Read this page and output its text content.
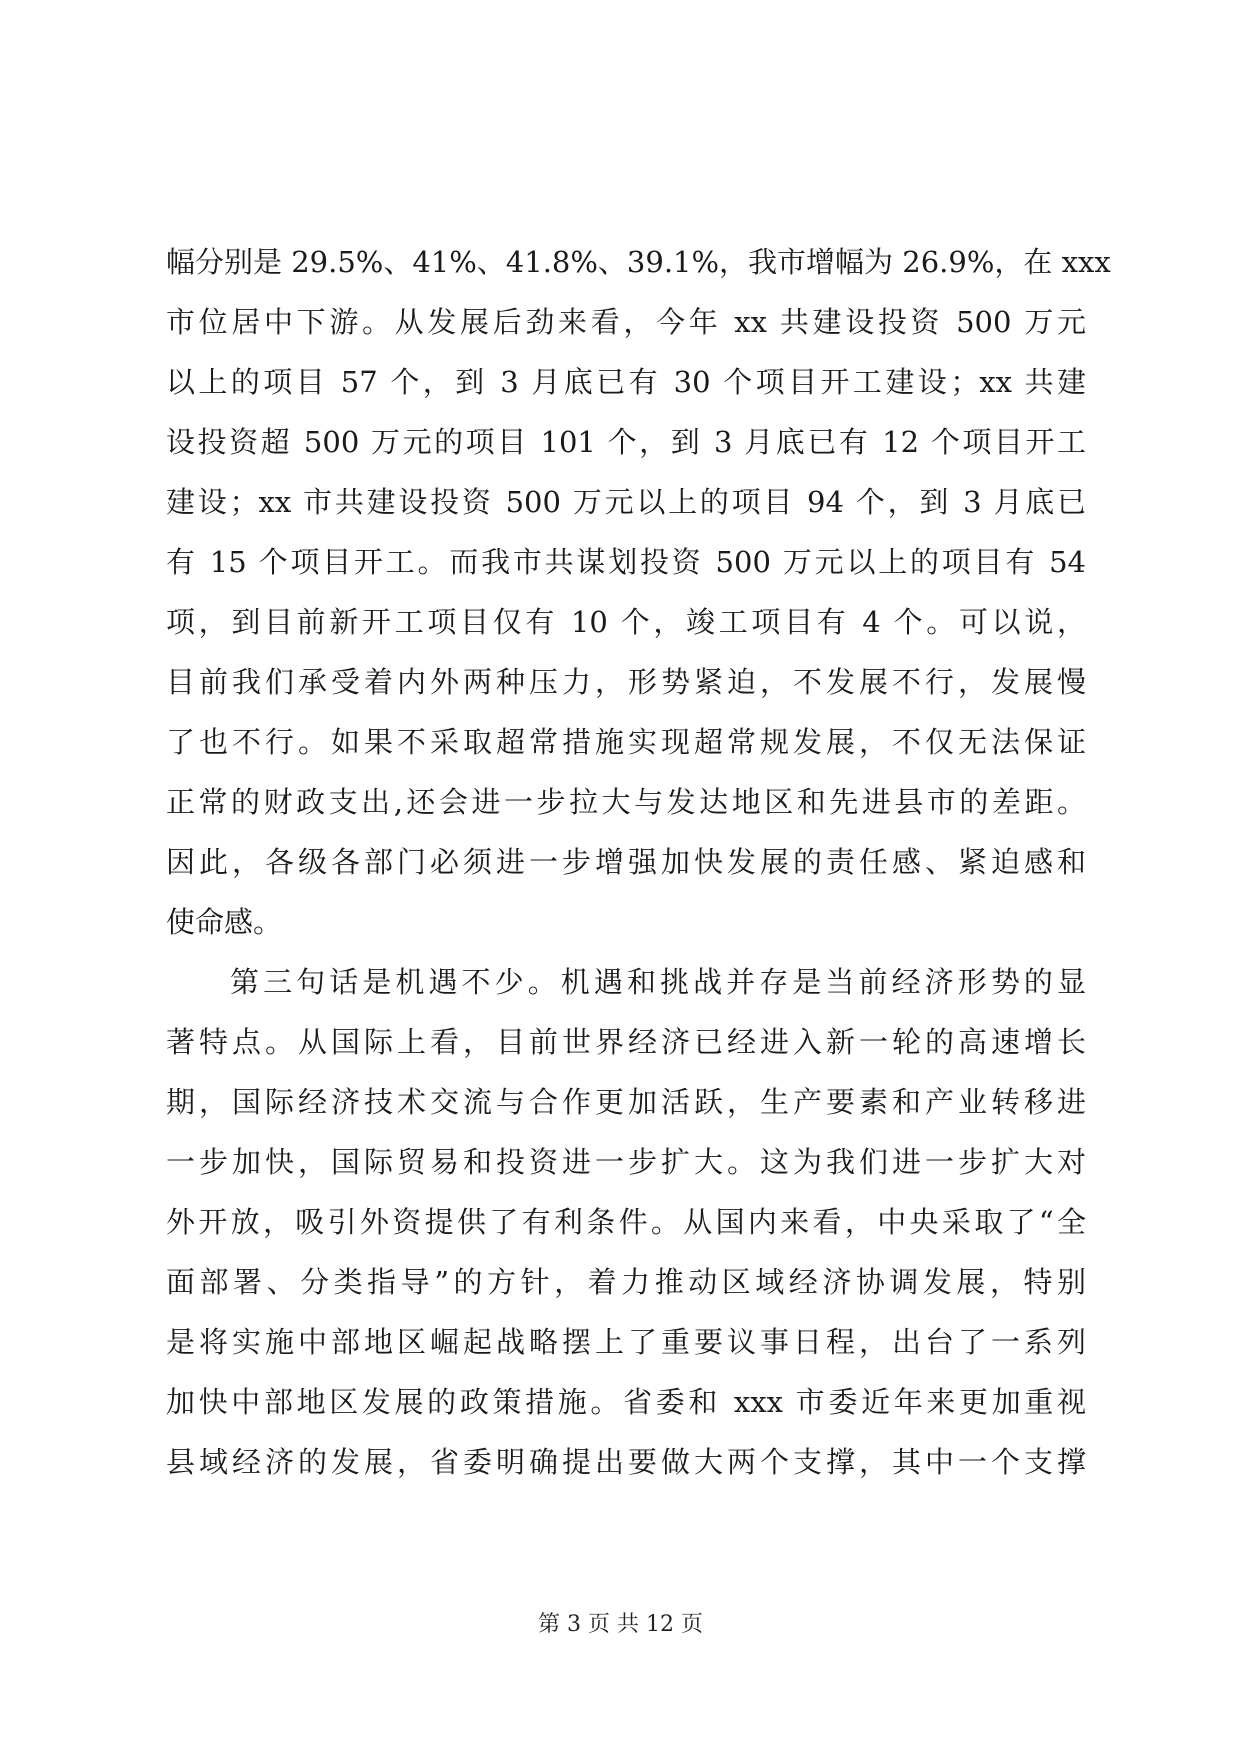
幅分别是 29.5%、41%、41.8%、39.1%，我市增幅为 26.9%，在 xxx
市位居中下游。从发展后劲来看，今年 xx 共建设投资 500 万元
以上的项目 57 个，到 3 月底已有 30 个项目开工建设；xx 共建
设投资超 500 万元的项目 101 个，到 3 月底已有 12 个项目开工
建设；xx 市共建设投资 500 万元以上的项目 94 个，到 3 月底已
有 15 个项目开工。而我市共谋划投资 500 万元以上的项目有 54
项，到目前新开工项目仅有 10 个，竣工项目有 4 个。可以说，
目前我们承受着内外两种压力，形势紧迫，不发展不行，发展慢
了也不行。如果不采取超常措施实现超常规发展，不仅无法保证
正常的财政支出,还会进一步拉大与发达地区和先进县市的差距。
因此，各级各部门必须进一步增强加快发展的责任感、紧迫感和
使命感。
第三句话是机遇不少。机遇和挑战并存是当前经济形势的显
著特点。从国际上看，目前世界经济已经进入新一轮的高速增长
期，国际经济技术交流与合作更加活跃，生产要素和产业转移进
一步加快，国际贸易和投资进一步扩大。这为我们进一步扩大对
外开放，吸引外资提供了有利条件。从国内来看，中央采取了“全
面部署、分类指导”的方针，着力推动区域经济协调发展，特别
是将实施中部地区崛起战略摆上了重要议事日程，出台了一系列
加快中部地区发展的政策措施。省委和 xxx 市委近年来更加重视
县域经济的发展，省委明确提出要做大两个支撑，其中一个支撑
第 3 页 共 12 页
